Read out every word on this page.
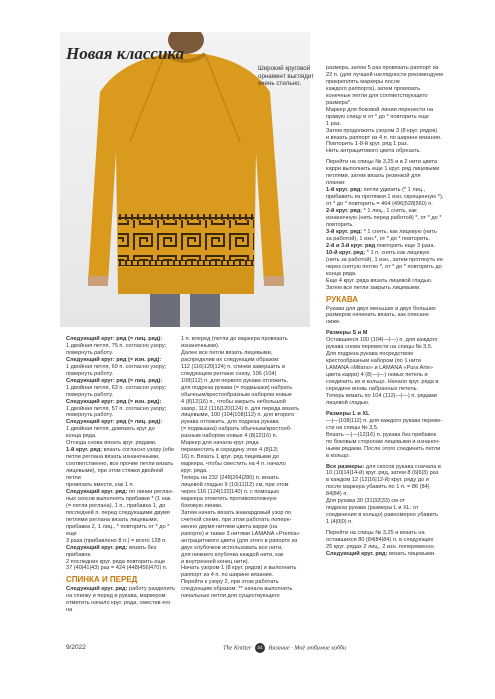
Новая классика
Широкий круговой орнамент выглядит очень стильно.

Следующий круг: ряд (= лиц. ряд):

1 двойная петля, 75 п. согласно узору;

повернуть работу.

Следующий круг: ряд (= изн. ряд):

1 двойная петля, 69 п. согласно узору;

повернуть работу.

Следующий круг: ряд (= лиц. ряд):

1 двойная петля, 63 п. согласно узору;

повернуть работу.

Следующий круг: ряд (= изн. ряд):

1 двойная петля, 57 п. согласно узору;

повернуть работу.

Следующий круг: ряд (= лиц. ряд):

1 двойная петля, довязать круг до

конца ряда.

Отсюда снова вязать круг. рядами.

1-й круг. ряд: вязать согласно узору (обе

петли реглана вязать изнаночными,

соответственно, все прочие петли вязать

лицевыми), при этом стяжки двойной петли

провязать вместе, как 1 п.

Следующий круг. ряд: по линии реглан-

ных скосов выполнять прибавки * (1 нак.

(= петли реглана), 1 п., прибавка 1, до

последней п. перед следующими двумя

петлями реглана вязать лицевыми,

прибавка 2, 1 лиц., * повторить от * до * еще

3 раза (прибавлено 8 п.) = всего 128 п.

Следующий круг. ряд: вязать без прибавок.

2 последних круг. ряда повторить еще

37 (40|41|43) раз = 424 (448|456|470) п.

СПИНКА И ПЕРЕД

Следующий круг. ряд: работу разделить

на спинку и перед и рукава, маркером

отметить начало круг. ряда, сместив его на

1 п. вперед (петли до маркера провязать

изнаночными).

Далее все петли вязать лицевыми,

распределив их следующим образом:

112 (116|120|124) п. спинки завершить в

следующем реглане снизу, 106 (104|

108|112) п. для первого рукава отложить,

для подреза рукава (= подмышки) набрать

обычным/крестообразным набором новые

4 (8|12|16) п., чтобы закрыть небольшой

зазор, 112 (116|120|124) п. для переда вязать

лицевыми, 100 (104|108|112) п. для второго

рукава отложить, для подреза рукава

(= подмышка) набрать обычным/крестооб-

разным набором новые 4 (8|12|16) п.

Маркер для начала круг. ряда

переместить в середину этих 4 (8|12|

16) п. Вязать 1 круг. ряд лицевыми до

маркера, чтобы сместить на 4 п. начало

круг. ряда.

Теперь на 232 (248|264|280) п. вязать

лицевой гладью 9 (10|11|12) см, при этом

через 116 (124|132|140) п. с помощью

маркера отметить противоположную

боковую линию.

Затем начать вязать жаккардовый узор по

счетной схеме, при этом работать попере-

менно двумя нитями цвета карри (на

рапорте) и также 3 нитями LAMANA «Premia»

антрацитового цвета (для этого в рапорте из

двух клубочков использовать все нити,

для нижнего клубочка каждой нити, как

и внутренней конец нити).

Начать узором 1 (8 круг. рядов) и выполнить

раппорт из 4 п. по ширине вязания.

Перейти к узору 2, при этом работать

следующим образом: ** начала выполнить

начальные петли для существующего

размера, затем 5 раз провязать раппорт из

22 п. (для лучшей наглядности рекомендуем

прикреплять маркеры после

каждого раппорта), затем провязать

конечные петли для соответствующего

размера*.

Маркер для боковой линии перенести на

правую спицу и от * до * повторить еще

1 раз.

Затем продолжить узором 3 (8 круг. рядов)

и вязать раппорт из 4 п. по ширине вязания.

Повторить 1-8-й круг. ряд 1 раз.

Нить антрацитового цвета обрезать.

Перейти на спицы № 3,25 и в 2 нити цвета

карри выполнить еще 1 круг. ряд лицевыми

петлями, затем вязать резинкой для

планки:

1-й круг. ряд: петли удвоить (* 1 лиц.,

прибавить из протяжки 1 изн. скрещенную *),

от * до * повторить = 464 (496|528|560) п.

2-й круг. ряд: * 1 лиц., 1 снять, как

изнаночную (нить перед работой) *, от * до *

повторить.

3-й круг. ряд: * 1 снять, как лицевую (нить

за работой), 1 изн.*, от * до * повторить.

2-й и 3-й круг. ряд повторить еще 3 раза.

10-й круг. ряд: * 1 п. снять как лицевую

(нить за работой), 1 изн., затем протянуть ее

через снятую петлю *, от * до * повторить до

конца ряда.

Еще 4 круг. ряда вязать лицевой гладью.

Затем все петли закрыть лицевыми.

РУКАВА

Рукава для двух меньших и двух больших

размеров начинать вязать, как описано

ниже.

Размеры S и M

Оставшиеся 100 (104|—|—) п. для каждого

рукава снова перевести на спицы № 3,5.

Для подреза рукава посредством

крестообразным набором (по 1 нити

LAMANA «Milano» и LAMANA «Pura Arte»

цвета карри) 4 (8|—|—) новых петель и

соединить их в кольцо. Начало круг. ряда в

середине вновь набранных петель.

Теперь вязать по 104 (112|—|—) п. рядами

лицевой гладью.

Размеры L и XL

—|—|108|112) п. для каждого рукава переве-

сти на спицы № 3,5.

Вязать —|—|12|16) п. рукава без прибавок

по боковым сторонам лицевыми и изнаноч-

ными рядами. После этого соединить петли

в кольцо.

Все размеры: для скосов рукава сначала в

10 (10|14|14-й) круг. ряд, затем 8 (6|6|3) раз

в каждом 12 (12|16|12-й) круг. ряду до и

после маркера убавить по 1 п. = 86 (84|

84|84) п.

Для рукава 30 (31|32|33) см от

подреза рукава (размеры L и XL: от

соединения в кольцо) равномерно убавить

1 (4|0|0) п.

Перейти на спицы № 3,25 и вязать на

оставшихся 80 (84|84|84) п. в следующих

25 круг. рядах 2 лиц., 2 изн. попеременно.

Следующий круг. ряд: вязать лицевыми.

9/2022	The Knitter 44 Вязание · Моё любимое хобби
